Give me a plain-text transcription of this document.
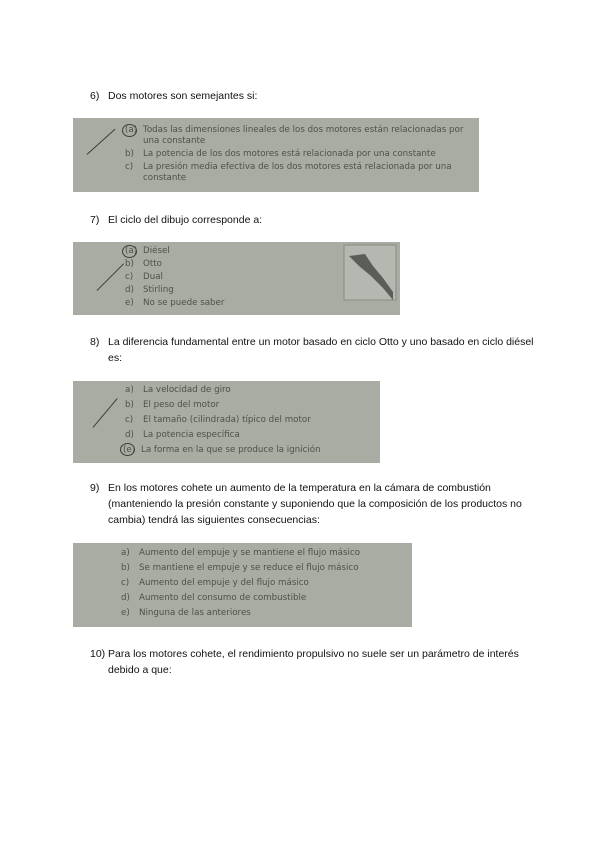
6) Dos motores son semejantes si:
(a) Todas las dimensiones lineales de los dos motores están relacionadas por
una constante
b) La potencia de los dos motores está relacionada por una constante
c) La presión media efectiva de los dos motores está relacionada por una
constante
7) El ciclo del dibujo corresponde a:
(a) Diésel
b) Otto
c) Dual
d) Stirling
e) No se puede saber
8) La diferencia fundamental entre un motor basado en ciclo Otto y uno basado en ciclo diésel es:
a) La velocidad de giro
b) El peso del motor
c) El tamaño (cilindrada) típico del motor
d) La potencia específica
(e) La forma en la que se produce la ignición
9) En los motores cohete un aumento de la temperatura en la cámara de combustión (manteniendo la presión constante y suponiendo que la composición de los productos no cambia) tendrá las siguientes consecuencias:
a) Aumento del empuje y se mantiene el flujo másico
b) Se mantiene el empuje y se reduce el flujo másico
c) Aumento del empuje y del flujo másico
d) Aumento del consumo de combustible
e) Ninguna de las anteriores
10) Para los motores cohete, el rendimiento propulsivo no suele ser un parámetro de interés debido a que:
